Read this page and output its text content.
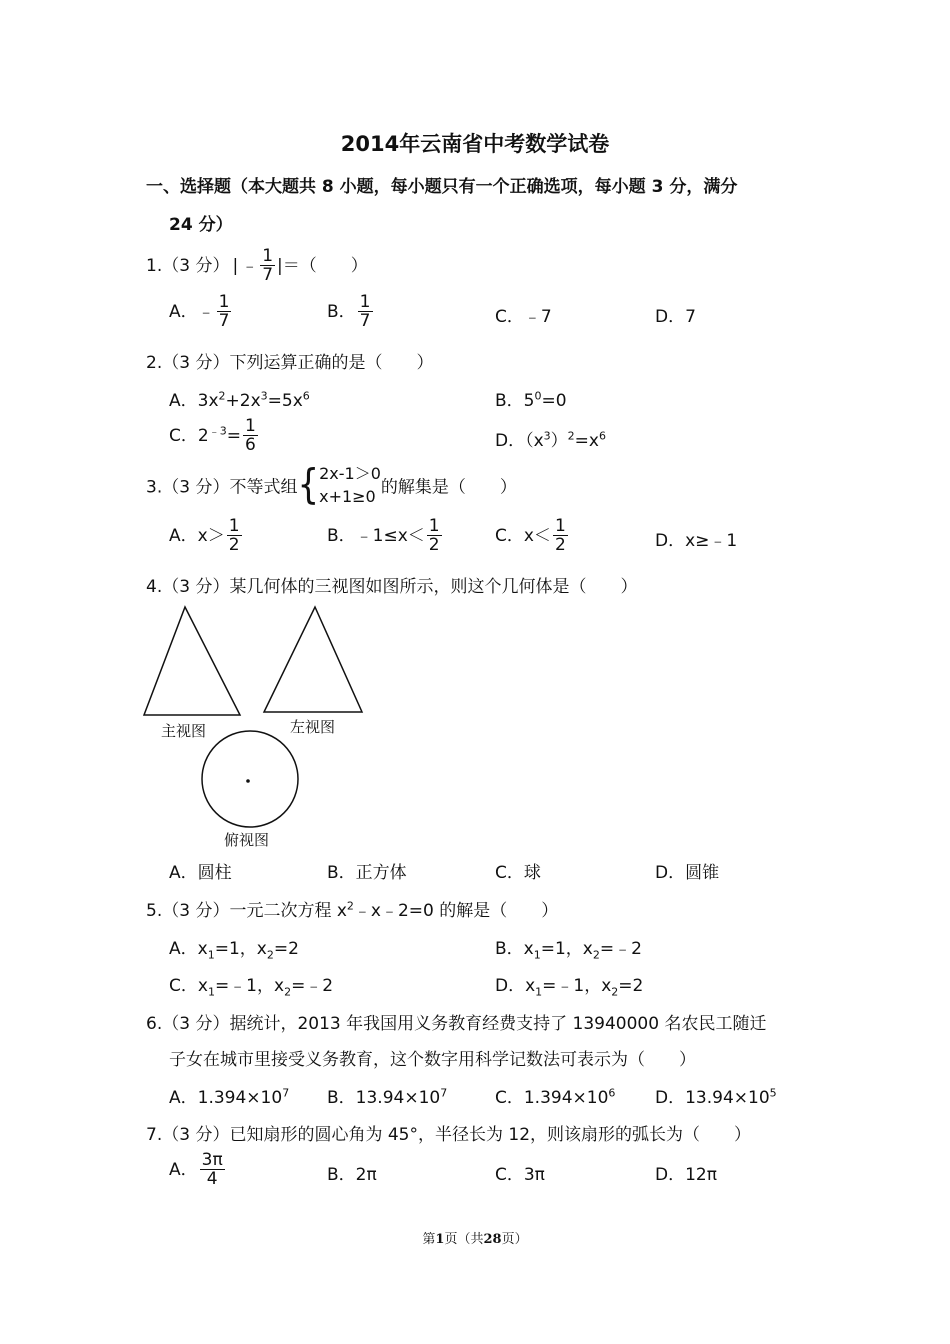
2014年云南省中考数学试卷
一、选择题（本大题共 8 小题，每小题只有一个正确选项，每小题 3 分，满分
24 分）
1.（3 分） | ﹣ $\frac{1}{7}$ |＝（　　）
A．﹣ $\frac{1}{7}$	B． $\frac{1}{7}$	C．﹣7	D．7
2.（3 分）下列运算正确的是（　　）
A．$3x^2+2x^3=5x^6$	B．$5^0=0$
C．$2^{﹣3}= \frac{1}{6}$	D．$(x^3)^2=x^6$
3.（3 分）不等式组{ 2x-1＞0
x+1≥0 的解集是（　　）
A．$x> \frac{1}{2}$	B．﹣1≤x＜ $\frac{1}{2}$	C．$x< \frac{1}{2}$	D．x≥﹣1
4.（3 分）某几何体的三视图如图所示，则这个几何体是（　　）
主视图	左视图
俯视图
A．圆柱	B．正方体	C．球	D．圆锥
5.（3 分）一元二次方程 $x^2﹣x﹣2=0$ 的解是（　　）
A．$x_1=1$，$x_2=2$	B．$x_1=1$，$x_2=﹣2$
C．$x_1=﹣1$，$x_2=﹣2$	D．$x_1=﹣1$，$x_2=2$
6.（3 分）据统计，2013 年我国用义务教育经费支持了 13940000 名农民工随迁
子女在城市里接受义务教育，这个数字用科学记数法可表示为（　　）
A．$1.394\times 10^7$ B．$13.94\times 10^7$	C．$1.394\times 10^6$ D．$13.94\times 10^5$
7.（3 分）已知扇形的圆心角为 45°，半径长为 12，则该扇形的弧长为（　　）
A． $\frac{3\pi}{4}$	B．2π	C．3π	D．12π
第1页（共28页）
